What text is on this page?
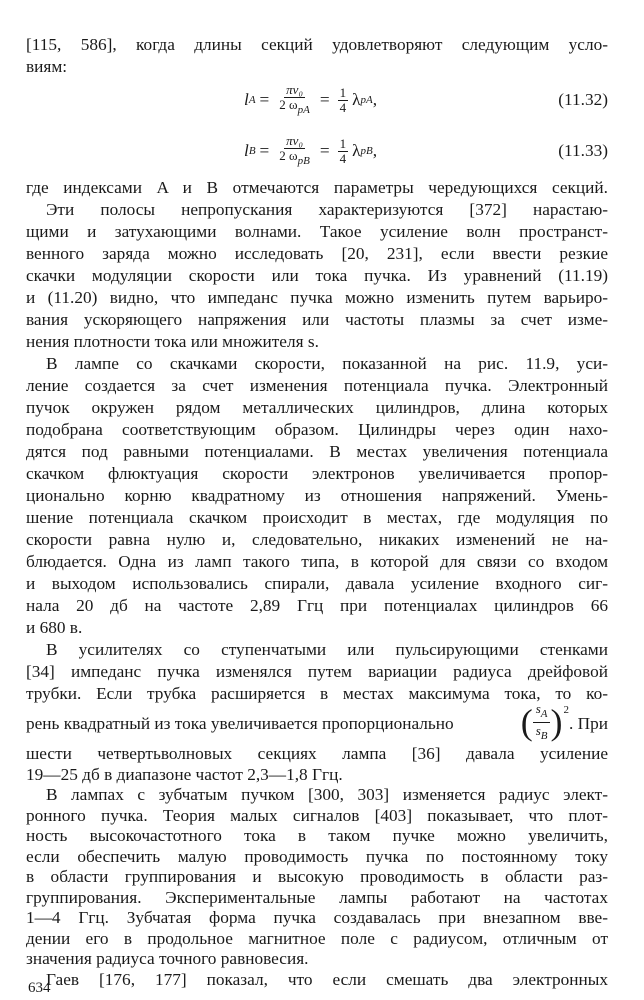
[115, 586], когда длины секций удовлетворяют следующим усло-
виям:
l $A = \frac{\text{πv₀}}{2 \omega_{pA}} = \frac{1}{4}$ λ pA ,	(11.32)
l $B = \frac{\text{πv₀}}{2 \omega_{pB}} = \frac{1}{4}$ λ pB ,	(11.33)
где индексами A и B отмечаются параметры чередующихся секций.
Эти полосы непропускания характеризуются [372] нарастаю-
щими и затухающими волнами. Такое усиление волн пространст-
венного заряда можно исследовать [20, 231], если ввести резкие
скачки модуляции скорости или тока пучка. Из уравнений (11.19)
и (11.20) видно, что импеданс пучка можно изменить путем варьиро-
вания ускоряющего напряжения или частоты плазмы за счет изме-
нения плотности тока или множителя s.
В лампе со скачками скорости, показанной на рис. 11.9, уси-
ление создается за счет изменения потенциала пучка. Электронный
пучок окружен рядом металлических цилиндров, длина которых
подобрана соответствующим образом. Цилиндры через один нахо-
дятся под равными потенциалами. В местах увеличения потенциала
скачком флюктуация скорости электронов увеличивается пропор-
ционально корню квадратному из отношения напряжений. Умень-
шение потенциала скачком происходит в местах, где модуляция по
скорости равна нулю и, следовательно, никаких изменений не на-
блюдается. Одна из ламп такого типа, в которой для связи со входом
и выходом использовались спирали, давала усиление входного сиг-
нала 20 дб на частоте 2,89 Ггц при потенциалах цилиндров 66
и 680 в.
В усилителях со ступенчатыми или пульсирующими стенками
[34] импеданс пучка изменялся путем вариации радиуса дрейфовой
трубки. Если трубка расширяется в местах максимума тока, то ко-
рень квадратный из тока увеличивается пропорционально ( $s_A$
$s_B$ ) 2
. При
шести четвертьволновых секциях лампа [36] давала усиление
19—25 дб в диапазоне частот 2,3—1,8 Ггц.
В лампах с зубчатым пучком [300, 303] изменяется радиус элект-
ронного пучка. Теория малых сигналов [403] показывает, что плот-
ность высокочастотного тока в таком пучке можно увеличить,
если обеспечить малую проводимость пучка по постоянному току
в области группирования и высокую проводимость в области раз-
группирования. Экспериментальные лампы работают на частотах
1—4 Ггц. Зубчатая форма пучка создавалась при внезапном вве-
дении его в продольное магнитное поле с радиусом, отличным от
значения радиуса точного равновесия.
Гаев [176, 177] показал, что если смешать два электронных
634
